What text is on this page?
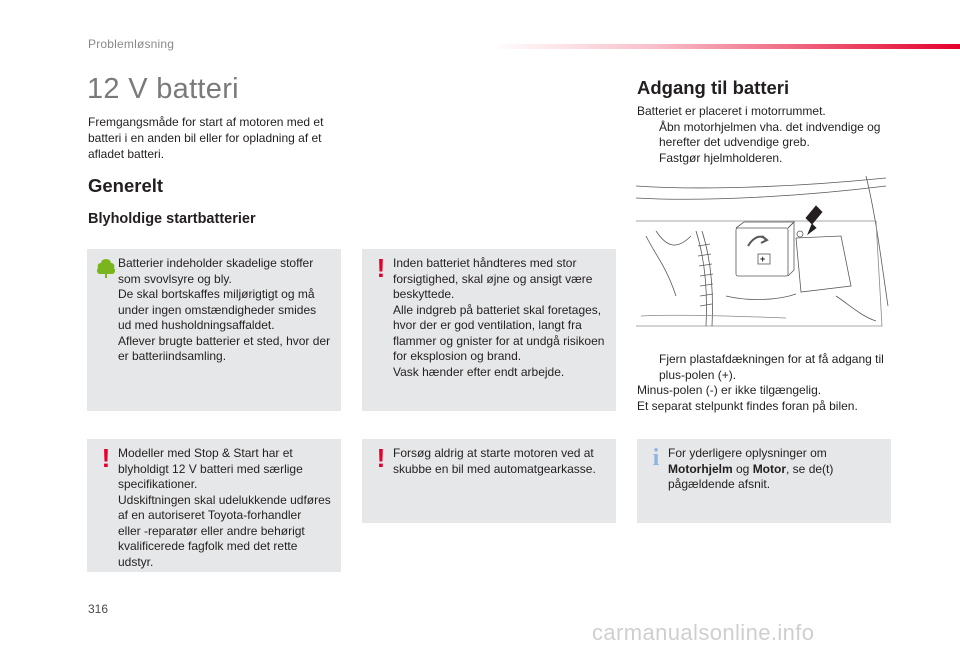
Problemløsning
12 V batteri
Fremgangsmåde for start af motoren med et batteri i en anden bil eller for opladning af et afladet batteri.
Generelt
Blyholdige startbatterier
Batterier indeholder skadelige stoffer
som svovlsyre og bly.
De skal bortskaffes miljørigtigt og må
under ingen omstændigheder smides
ud med husholdningsaffaldet.
Aflever brugte batterier et sted, hvor der
er batteriindsamling.
! Inden batteriet håndteres med stor
forsigtighed, skal øjne og ansigt være
beskyttede.
Alle indgreb på batteriet skal foretages,
hvor der er god ventilation, langt fra
flammer og gnister for at undgå risikoen
for eksplosion og brand.
Vask hænder efter endt arbejde.
! Modeller med Stop & Start har et
blyholdigt 12 V batteri med særlige
specifikationer.
Udskiftningen skal udelukkende udføres
af en autoriseret Toyota-forhandler
eller -reparatør eller andre behørigt
kvalificerede fagfolk med det rette
udstyr.
! Forsøg aldrig at starte motoren ved at
skubbe en bil med automatgearkasse.	i For yderligere oplysninger om
Motorhjelm og Motor, se de(t)
pågældende afsnit.
Adgang til batteri
Batteriet er placeret i motorrummet.
Åbn motorhjelmen vha. det indvendige og herefter det udvendige greb.
Fastgør hjelmholderen.
+
Fjern plastafdækningen for at få adgang til plus-polen (+).
Minus-polen (-) er ikke tilgængelig.
Et separat stelpunkt findes foran på bilen.
316
carmanualsonline.info
